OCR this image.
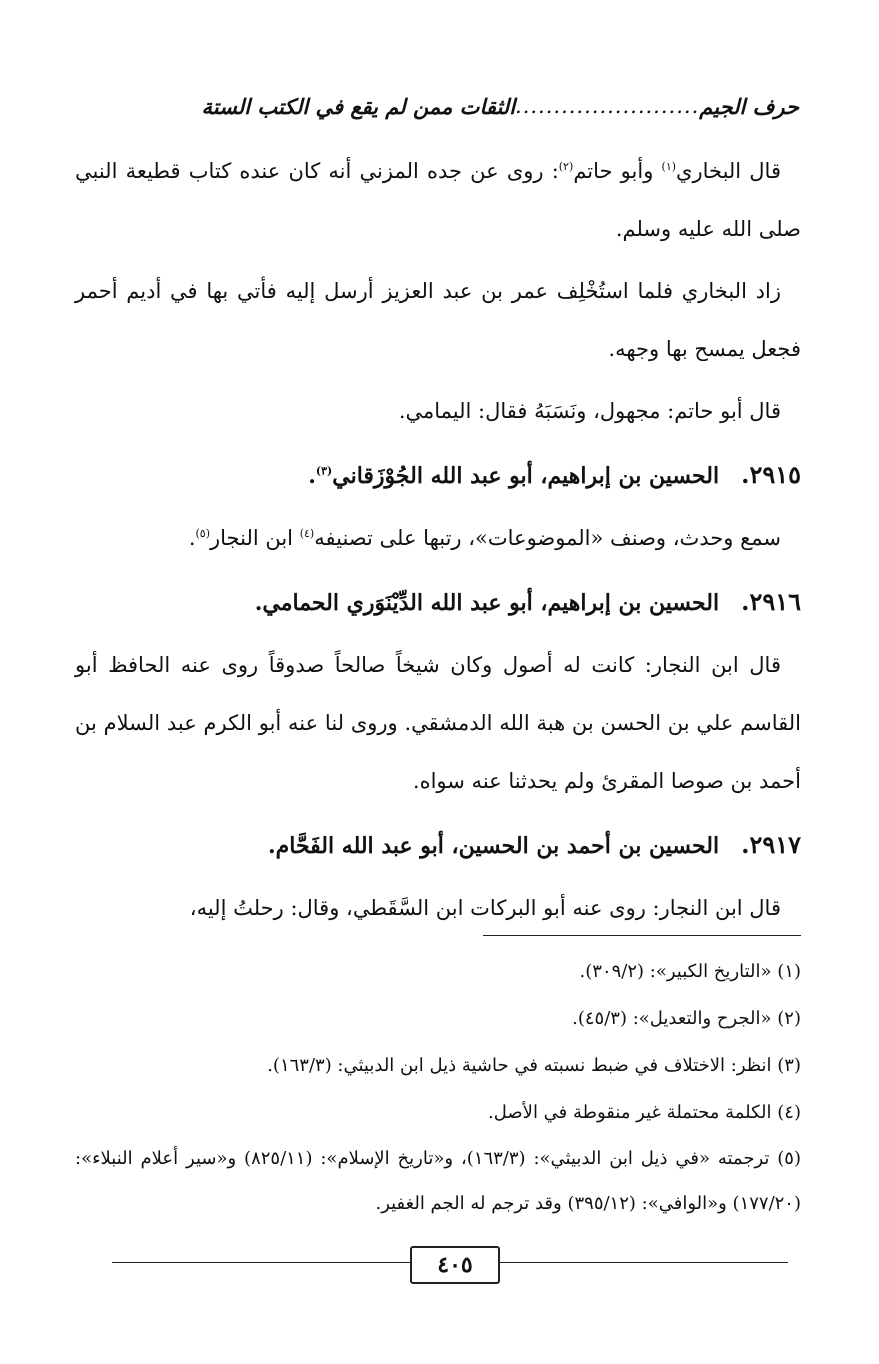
حرف الجيم
........................
الثقات ممن لم يقع في الكتب الستة

قال البخاري$^{(١)}$ وأبو حاتم$^{(٢)}$: روى عن جده المزني أنه كان عنده كتاب قطيعة النبي صلى الله عليه وسلم.

زاد البخاري فلما استُخْلِف عمر بن عبد العزيز أرسل إليه فأتي بها في أديم أحمر فجعل يمسح بها وجهه.

قال أبو حاتم: مجهول، ونَسَبَهُ فقال: اليمامي.

٢٩١٥.الحسين بن إبراهيم، أبو عبد الله الجُوْزَقاني$^{(٣)}$.

سمع وحدث، وصنف «الموضوعات»، رتبها على تصنيفه$^{(٤)}$ ابن النجار$^{(٥)}$.

٢٩١٦.الحسين بن إبراهيم، أبو عبد الله الدِّيْنَوَري الحمامي.

قال ابن النجار: كانت له أصول وكان شيخاً صالحاً صدوقاً روى عنه الحافظ أبو القاسم علي بن الحسن بن هبة الله الدمشقي. وروى لنا عنه أبو الكرم عبد السلام بن أحمد بن صوصا المقرئ ولم يحدثنا عنه سواه.

٢٩١٧.الحسين بن أحمد بن الحسين، أبو عبد الله الفَحَّام.

قال ابن النجار: روى عنه أبو البركات ابن السَّقَطي، وقال: رحلتُ إليه،

(١) «التاريخ الكبير»: (٣٠٩/٢).

(٢) «الجرح والتعديل»: (٤٥/٣).

(٣) انظر: الاختلاف في ضبط نسبته في حاشية ذيل ابن الدبيثي: (١٦٣/٣).

(٤) الكلمة محتملة غير منقوطة في الأصل.

(٥) ترجمته «في ذيل ابن الدبيثي»: (١٦٣/٣)، و«تاريخ الإسلام»: (٨٢٥/١١) و«سير أعلام النبلاء»: (١٧٧/٢٠) و«الوافي»: (٣٩٥/١٢) وقد ترجم له الجم الغفير.

٤٠٥
